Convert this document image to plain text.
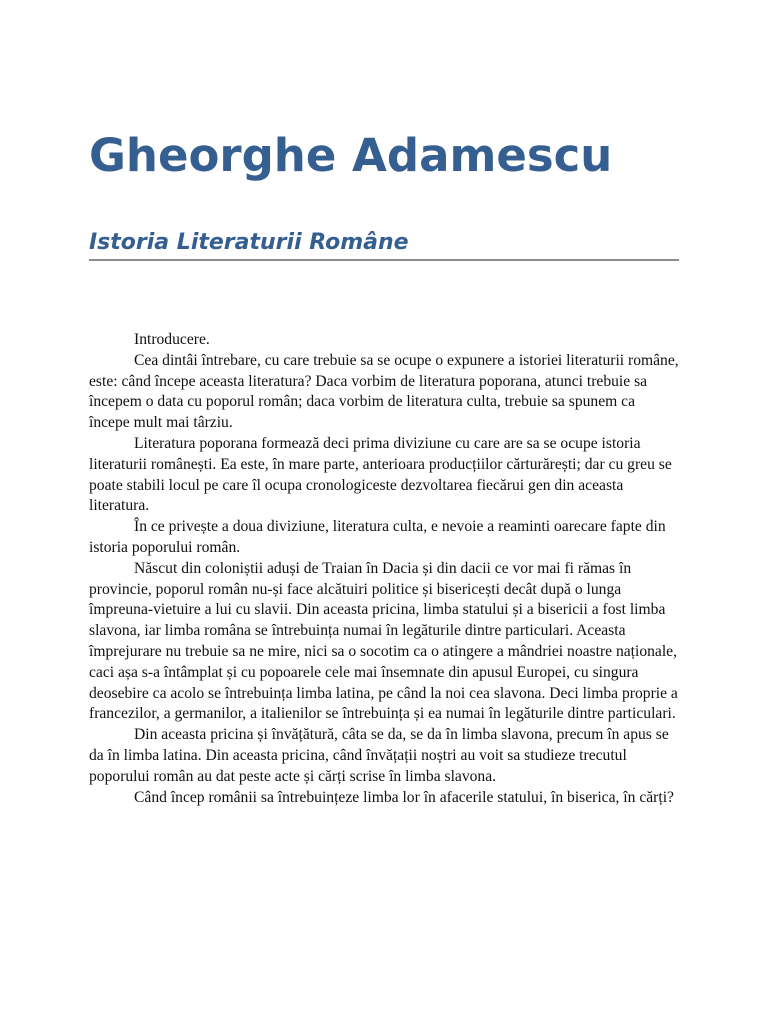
Gheorghe Adamescu
Istoria Literaturii Române

Introducere.

Cea dintâi întrebare, cu care trebuie sa se ocupe o expunere a istoriei literaturii române, este: când începe aceasta literatura? Daca vorbim de literatura poporana, atunci trebuie sa începem o data cu poporul român; daca vorbim de literatura culta, trebuie sa spunem ca începe mult mai târziu.

Literatura poporana formează deci prima diviziune cu care are sa se ocupe istoria literaturii românești. Ea este, în mare parte, anterioara producțiilor cărturărești; dar cu greu se poate stabili locul pe care îl ocupa cronologiceste dezvoltarea fiecărui gen din aceasta literatura.

În ce privește a doua diviziune, literatura culta, e nevoie a reaminti oarecare fapte din istoria poporului român.

Născut din coloniștii aduși de Traian în Dacia și din dacii ce vor mai fi rămas în provincie, poporul român nu-și face alcătuiri politice și bisericești decât după o lunga împreuna-vietuire a lui cu slavii. Din aceasta pricina, limba statului și a bisericii a fost limba slavona, iar limba româna se întrebuința numai în legăturile dintre particulari. Aceasta împrejurare nu trebuie sa ne mire, nici sa o socotim ca o atingere a mândriei noastre naționale, caci așa s-a întâmplat și cu popoarele cele mai însemnate din apusul Europei, cu singura deosebire ca acolo se întrebuința limba latina, pe când la noi cea slavona. Deci limba proprie a francezilor, a germanilor, a italienilor se întrebuința și ea numai în legăturile dintre particulari.

Din aceasta pricina și învățătură, câta se da, se da în limba slavona, precum în apus se da în limba latina. Din aceasta pricina, când învățații noștri au voit sa studieze trecutul poporului român au dat peste acte și cărți scrise în limba slavona.

Când încep românii sa întrebuințeze limba lor în afacerile statului, în biserica, în cărți?
